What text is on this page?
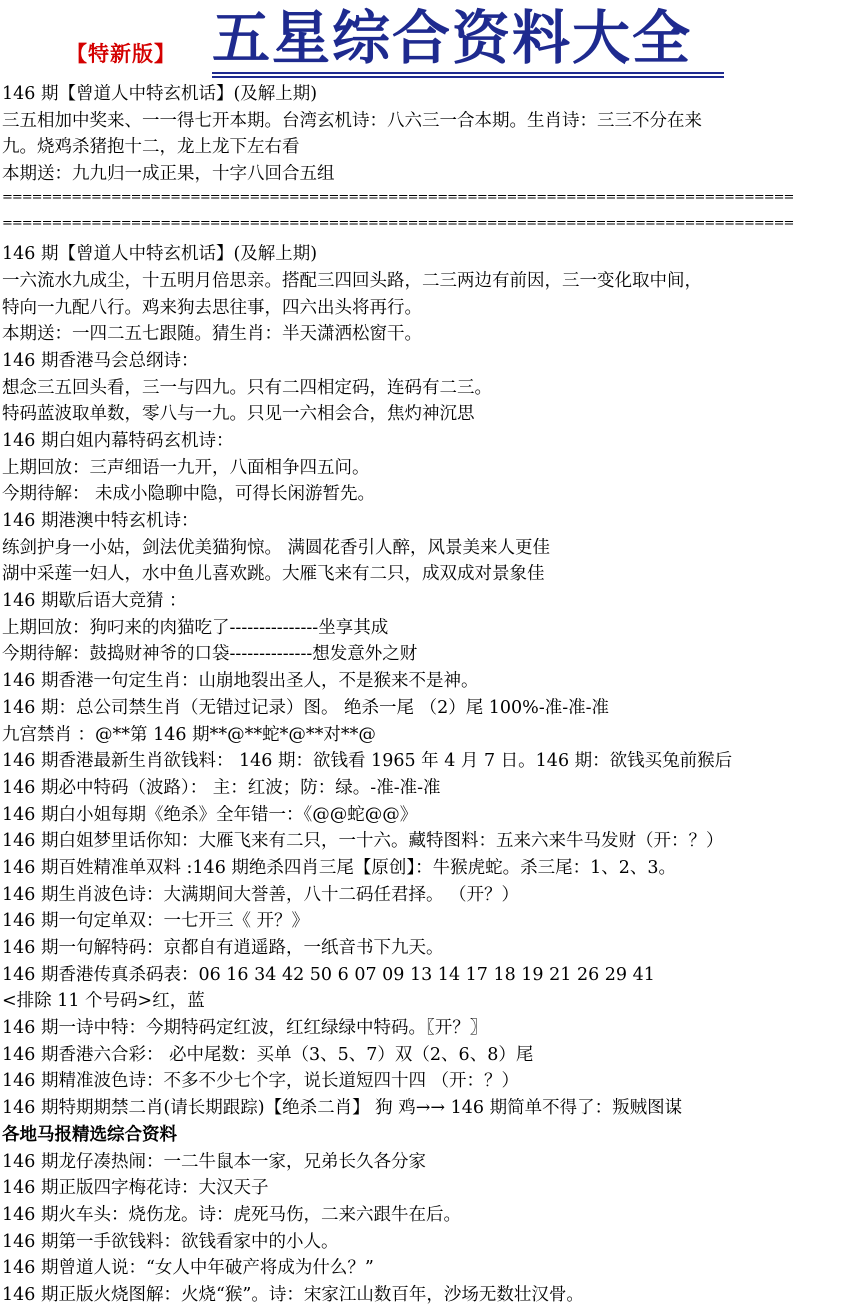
【特新版】 五星综合资料大全
146 期【曾道人中特玄机话】(及解上期)
三五相加中奖来、一一得七开本期。台湾玄机诗：八六三一合本期。生肖诗：三三不分在来
九。烧鸡杀猪抱十二，龙上龙下左右看
本期送：九九归一成正果，十字八回合五组
================================================================================
================================================================================
146 期【曾道人中特玄机话】(及解上期)
一六流水九成尘，十五明月倍思亲。搭配三四回头路，二三两边有前因，三一变化取中间，
特向一九配八行。鸡来狗去思往事，四六出头将再行。
本期送：一四二五七跟随。猜生肖：半天潇洒松窗干。
146 期香港马会总纲诗：
想念三五回头看，三一与四九。只有二四相定码，连码有二三。
特码蓝波取单数，零八与一九。只见一六相会合，焦灼神沉思
146 期白姐内幕特码玄机诗：
上期回放：三声细语一九开，八面相争四五问。
今期待解： 未成小隐聊中隐，可得长闲游暂先。
146 期港澳中特玄机诗：
练剑护身一小姑，剑法优美猫狗惊。 满圆花香引人醉，风景美来人更佳
湖中采莲一妇人，水中鱼儿喜欢跳。大雁飞来有二只，成双成对景象佳
146 期歇后语大竞猜 ：
上期回放：狗叼来的肉猫吃了---------------坐享其成
今期待解：鼓捣财神爷的口袋--------------想发意外之财
146 期香港一句定生肖：山崩地裂出圣人，不是猴来不是神。
146 期：总公司禁生肖（无错过记录）图。 绝杀一尾 （2）尾 100%-准-准-准
九宫禁肖 ：@**第 146 期**@**蛇*@**对**@
146 期香港最新生肖欲钱料： 146 期：欲钱看 1965 年 4 月 7 日。146 期：欲钱买兔前猴后
146 期必中特码（波路）： 主：红波；防：绿。-准-准-准
146 期白小姐每期《绝杀》全年错一：《@@蛇@@》
146 期白姐梦里话你知：大雁飞来有二只，一十六。藏特图料：五来六来牛马发财（开：？）
146 期百姓精准单双料 :146 期绝杀四肖三尾【原创】：牛猴虎蛇。杀三尾：1、2、3。
146 期生肖波色诗：大满期间大誉善，八十二码任君择。 （开？）
146 期一句定单双：一七开三《 开？》
146 期一句解特码：京都自有逍遥路，一纸音书下九天。
146 期香港传真杀码表：06 16 34 42 50 6 07 09 13 14 17 18 19 21 26 29 41
<排除 11 个号码>红，蓝
146 期一诗中特：今期特码定红波，红红绿绿中特码。〖开？〗
146 期香港六合彩： 必中尾数：买单（3、5、7）双（2、6、8）尾
146 期精准波色诗：不多不少七个字，说长道短四十四 （开：？）
146 期特期期禁二肖(请长期跟踪)【绝杀二肖】 狗 鸡→→ 146 期简单不得了：叛贼图谋
各地马报精选综合资料
146 期龙仔凑热闹：一二牛鼠本一家，兄弟长久各分家
146 期正版四字梅花诗：大汉天子
146 期火车头：烧伤龙。诗：虎死马伤，二来六跟牛在后。
146 期第一手欲钱料：欲钱看家中的小人。
146 期曾道人说：“女人中年破产将成为什么？”
146 期正版火烧图解：火烧“猴”。诗：宋家江山数百年，沙场无数壮汉骨。
